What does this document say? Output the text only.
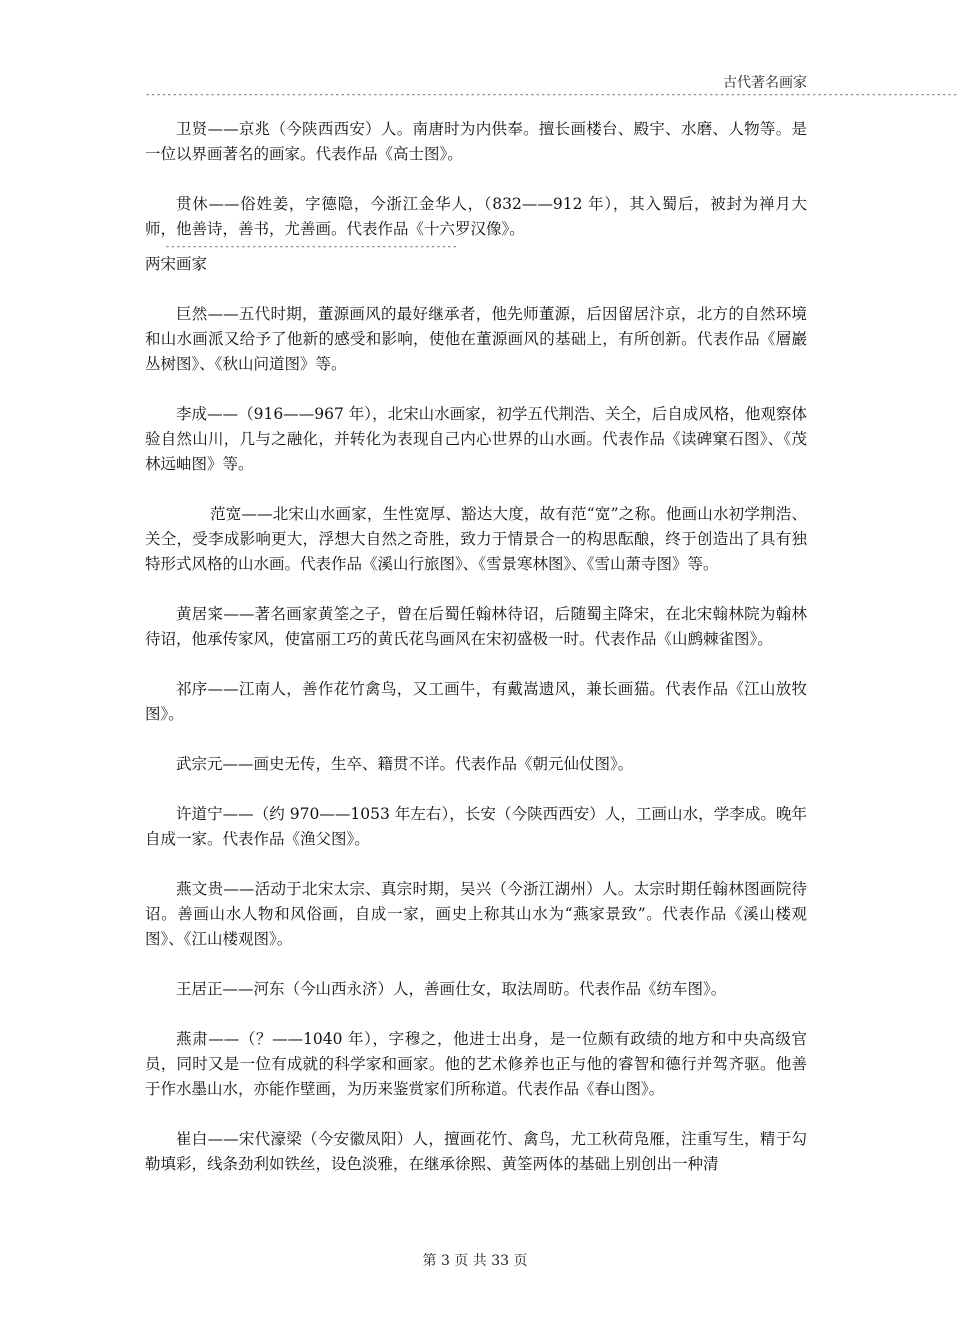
古代著名画家
------------------------------------------------------------------------------------------------------------------------------------------------------

卫贤——京兆（今陕西西安）人。南唐时为内供奉。擅长画楼台、殿宇、水磨、人物等。是一位以界画著名的画家。代表作品《高士图》。

贯休——俗姓姜，字德隐，今浙江金华人，（832——912 年），其入蜀后，被封为禅月大师，他善诗，善书，尤善画。代表作品《十六罗汉像》。

------------------------------------------------------

两宋画家

巨然——五代时期，董源画风的最好继承者，他先师董源，后因留居汴京，北方的自然环境和山水画派又给予了他新的感受和影响，使他在董源画风的基础上，有所创新。代表作品《層巖丛树图》、《秋山问道图》等。

李成——（916——967 年），北宋山水画家，初学五代荆浩、关仝，后自成风格，他观察体验自然山川，几与之融化，并转化为表现自己内心世界的山水画。代表作品《读碑窠石图》、《茂林远岫图》等。

范宽——北宋山水画家，生性宽厚、豁达大度，故有范“宽”之称。他画山水初学荆浩、关仝，受李成影响更大，浮想大自然之奇胜，致力于情景合一的构思酝酿，终于创造出了具有独特形式风格的山水画。代表作品《溪山行旅图》、《雪景寒林图》、《雪山萧寺图》等。

黄居寀——著名画家黄筌之子，曾在后蜀任翰林待诏，后随蜀主降宋，在北宋翰林院为翰林待诏，他承传家风，使富丽工巧的黄氏花鸟画风在宋初盛极一时。代表作品《山鹧棘雀图》。

祁序——江南人，善作花竹禽鸟，又工画牛，有戴嵩遗风，兼长画猫。代表作品《江山放牧图》。

武宗元——画史无传，生卒、籍贯不详。代表作品《朝元仙仗图》。

许道宁——（约 970——1053 年左右），长安（今陕西西安）人，工画山水，学李成。晚年自成一家。代表作品《渔父图》。

燕文贵——活动于北宋太宗、真宗时期，吴兴（今浙江湖州）人。太宗时期任翰林图画院待诏。善画山水人物和风俗画，自成一家，画史上称其山水为“燕家景致”。代表作品《溪山楼观图》、《江山楼观图》。

王居正——河东（今山西永济）人，善画仕女，取法周昉。代表作品《纺车图》。

燕肃——（？——1040 年），字穆之，他进士出身，是一位颇有政绩的地方和中央高级官员，同时又是一位有成就的科学家和画家。他的艺术修养也正与他的睿智和德行并驾齐驱。他善于作水墨山水，亦能作壁画，为历来鉴赏家们所称道。代表作品《春山图》。

崔白——宋代濠梁（今安徽凤阳）人，擅画花竹、禽鸟，尤工秋荷凫雁，注重写生，精于勾勒填彩，线条劲利如铁丝，设色淡雅，在继承徐熙、黄筌两体的基础上别创出一种清

第 3 页 共 33 页
